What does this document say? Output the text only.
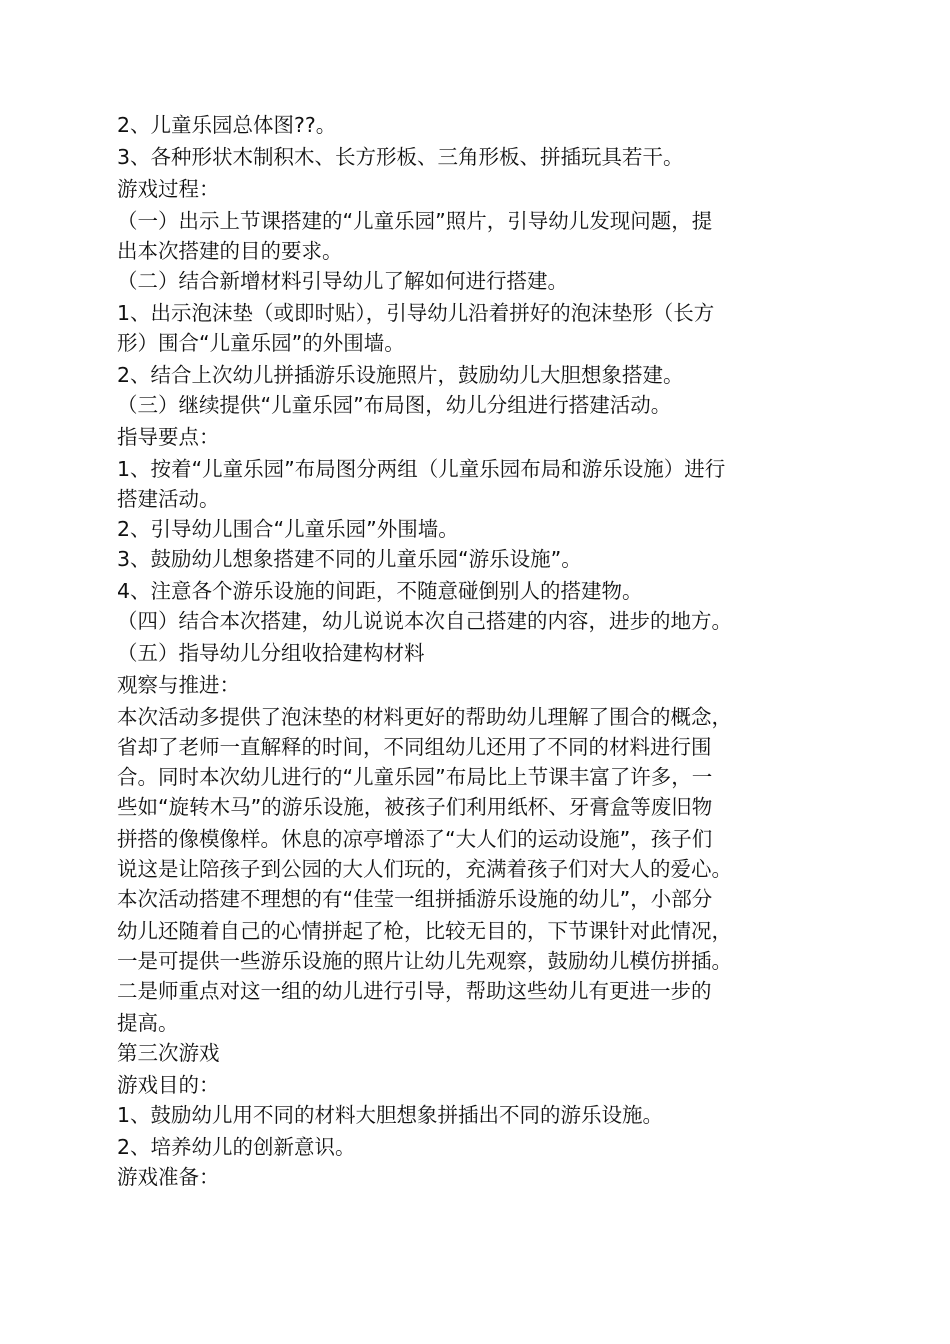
2、儿童乐园总体图??。
3、各种形状木制积木、长方形板、三角形板、拼插玩具若干。
游戏过程：
（一）出示上节课搭建的“儿童乐园”照片，引导幼儿发现问题，提
出本次搭建的目的要求。
（二）结合新增材料引导幼儿了解如何进行搭建。
1、出示泡沫垫（或即时贴），引导幼儿沿着拼好的泡沫垫形（长方
形）围合“儿童乐园”的外围墙。
2、结合上次幼儿拼插游乐设施照片，鼓励幼儿大胆想象搭建。
（三）继续提供“儿童乐园”布局图，幼儿分组进行搭建活动。
指导要点：
1、按着“儿童乐园”布局图分两组（儿童乐园布局和游乐设施）进行
搭建活动。
2、引导幼儿围合“儿童乐园”外围墙。
3、鼓励幼儿想象搭建不同的儿童乐园“游乐设施”。
4、注意各个游乐设施的间距，不随意碰倒别人的搭建物。
（四）结合本次搭建，幼儿说说本次自己搭建的内容，进步的地方。
（五）指导幼儿分组收拾建构材料
观察与推进：
本次活动多提供了泡沫垫的材料更好的帮助幼儿理解了围合的概念，
省却了老师一直解释的时间，不同组幼儿还用了不同的材料进行围
合。同时本次幼儿进行的“儿童乐园”布局比上节课丰富了许多，一
些如“旋转木马”的游乐设施，被孩子们利用纸杯、牙膏盒等废旧物
拼搭的像模像样。休息的凉亭增添了“大人们的运动设施”，孩子们
说这是让陪孩子到公园的大人们玩的，充满着孩子们对大人的爱心。
本次活动搭建不理想的有“佳莹一组拼插游乐设施的幼儿”，小部分
幼儿还随着自己的心情拼起了枪，比较无目的，下节课针对此情况，
一是可提供一些游乐设施的照片让幼儿先观察，鼓励幼儿模仿拼插。
二是师重点对这一组的幼儿进行引导，帮助这些幼儿有更进一步的
提高。
第三次游戏
游戏目的：
1、鼓励幼儿用不同的材料大胆想象拼插出不同的游乐设施。
2、培养幼儿的创新意识。
游戏准备：
